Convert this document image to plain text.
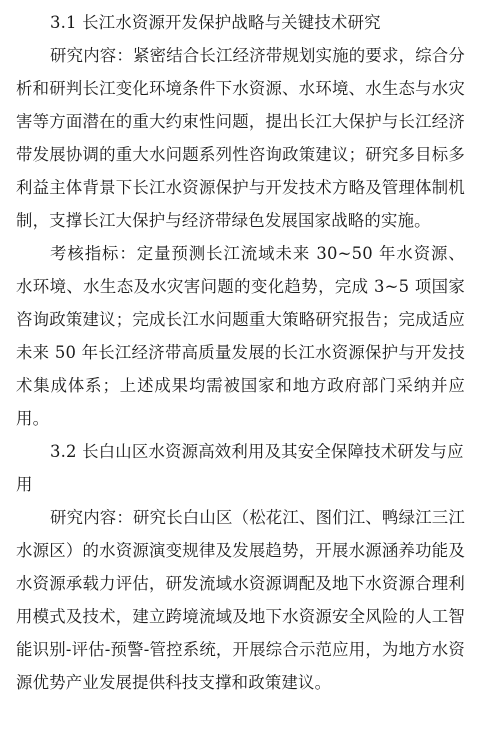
3.1 长江水资源开发保护战略与关键技术研究

研究内容：紧密结合长江经济带规划实施的要求，综合分析和研判长江变化环境条件下水资源、水环境、水生态与水灾害等方面潜在的重大约束性问题，提出长江大保护与长江经济带发展协调的重大水问题系列性咨询政策建议；研究多目标多利益主体背景下长江水资源保护与开发技术方略及管理体制机制，支撑长江大保护与经济带绿色发展国家战略的实施。

考核指标：定量预测长江流域未来 30~50 年水资源、水环境、水生态及水灾害问题的变化趋势，完成 3~5 项国家咨询政策建议；完成长江水问题重大策略研究报告；完成适应未来 50 年长江经济带高质量发展的长江水资源保护与开发技术集成体系；上述成果均需被国家和地方政府部门采纳并应用。

3.2 长白山区水资源高效利用及其安全保障技术研发与应用

研究内容：研究长白山区（松花江、图们江、鸭绿江三江水源区）的水资源演变规律及发展趋势，开展水源涵养功能及水资源承载力评估，研发流域水资源调配及地下水资源合理利用模式及技术，建立跨境流域及地下水资源安全风险的人工智能识别-评估-预警-管控系统，开展综合示范应用，为地方水资源优势产业发展提供科技支撑和政策建议。
